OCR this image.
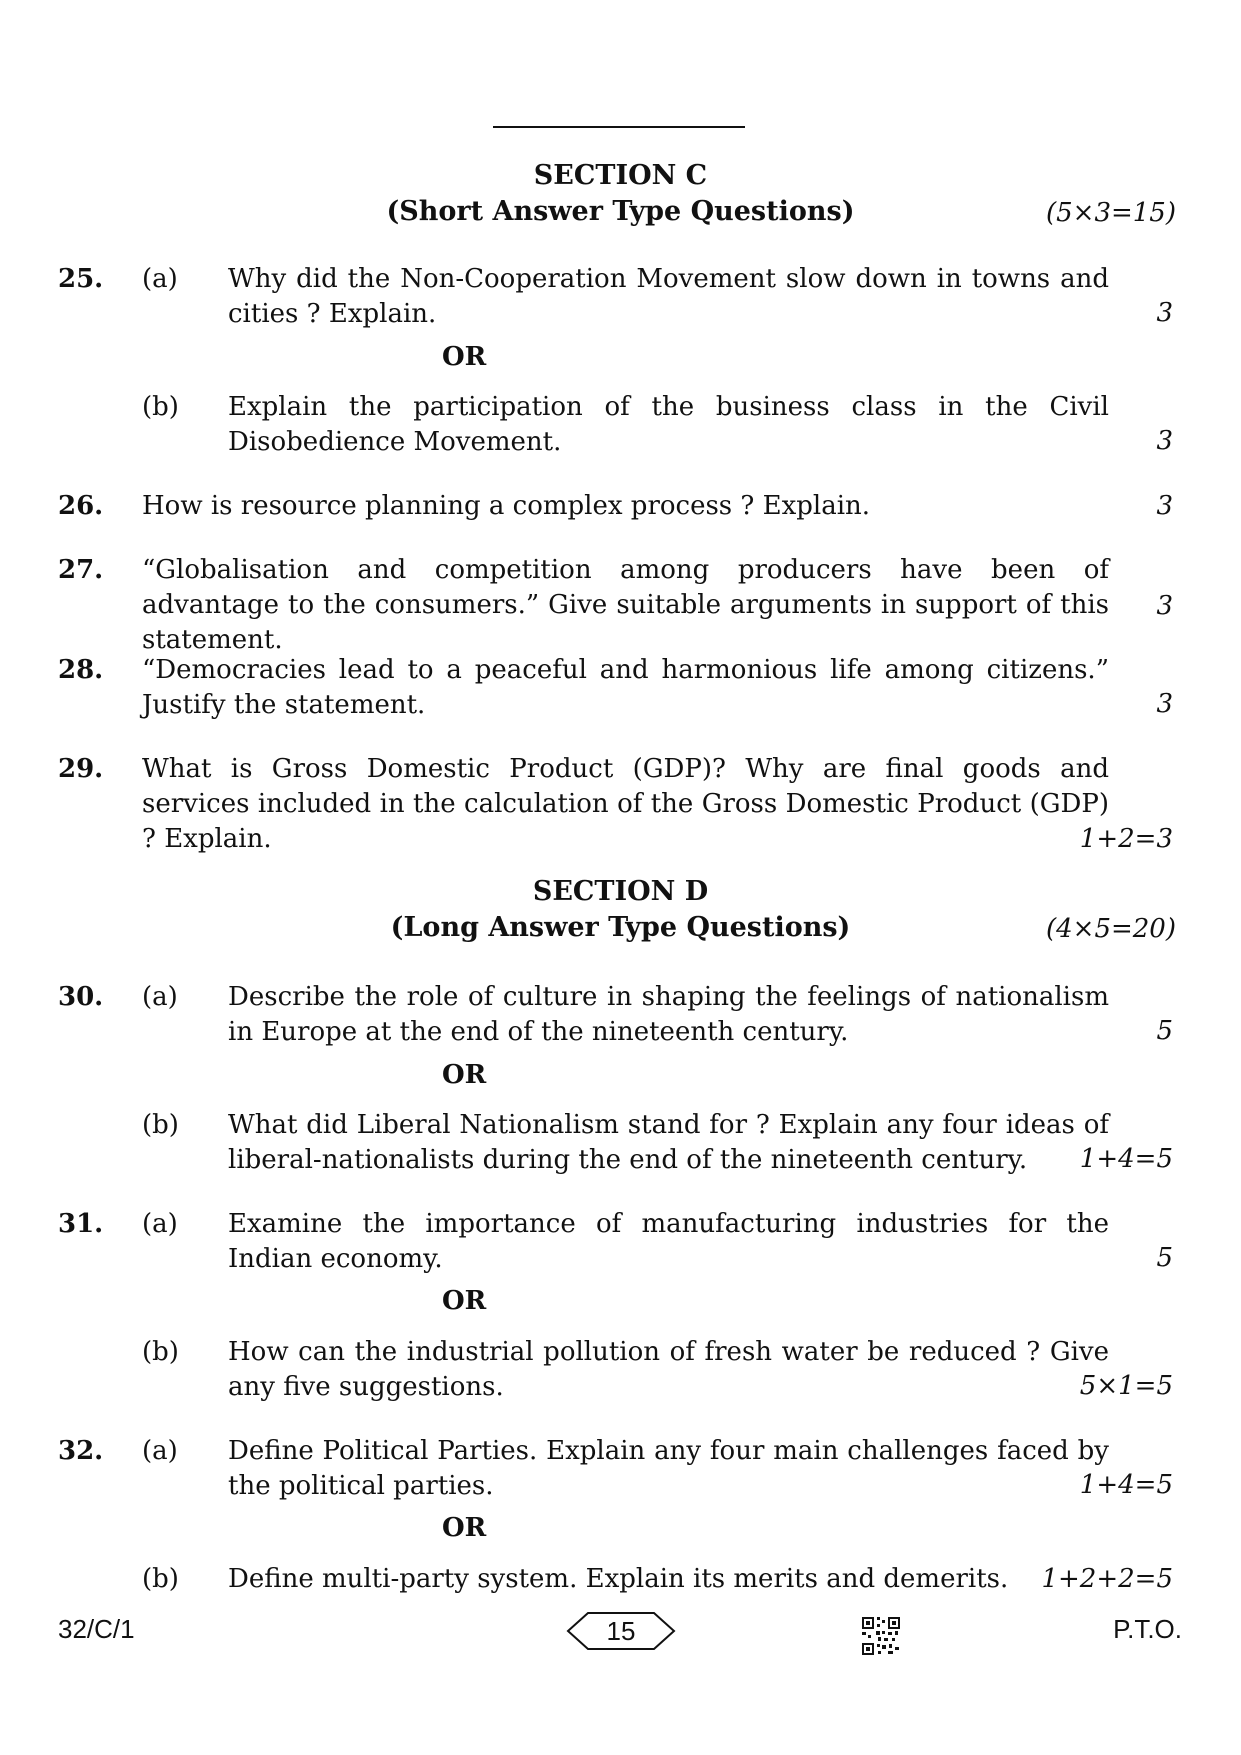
SECTION C
(Short Answer Type Questions)	(5×3=15)
25. (a) Why did the Non-Cooperation Movement slow down in towns and cities ? Explain.	3
OR
(b) Explain the participation of the business class in the Civil Disobedience Movement.	3
26. How is resource planning a complex process ? Explain.	3
27. “Globalisation and competition among producers have been of advantage to the consumers.” Give suitable arguments in support of this statement.
3
28. “Democracies lead to a peaceful and harmonious life among citizens.” Justify the statement.	3
29. What is Gross Domestic Product (GDP)? Why are final goods and services included in the calculation of the Gross Domestic Product (GDP) ? Explain.	1+2=3
SECTION D
(Long Answer Type Questions)	(4×5=20)
30. (a) Describe the role of culture in shaping the feelings of nationalism in Europe at the end of the nineteenth century.	5
OR
(b) What did Liberal Nationalism stand for ? Explain any four ideas of liberal-nationalists during the end of the nineteenth century.	1+4=5
31. (a) Examine the importance of manufacturing industries for the Indian economy.	5
OR
(b) How can the industrial pollution of fresh water be reduced ? Give any five suggestions.	5×1=5
32. (a) Define Political Parties. Explain any four main challenges faced by the political parties.	1+4=5
OR
(b) Define multi-party system. Explain its merits and demerits.	1+2+2=5
32/C/1	15	P.T.O.
